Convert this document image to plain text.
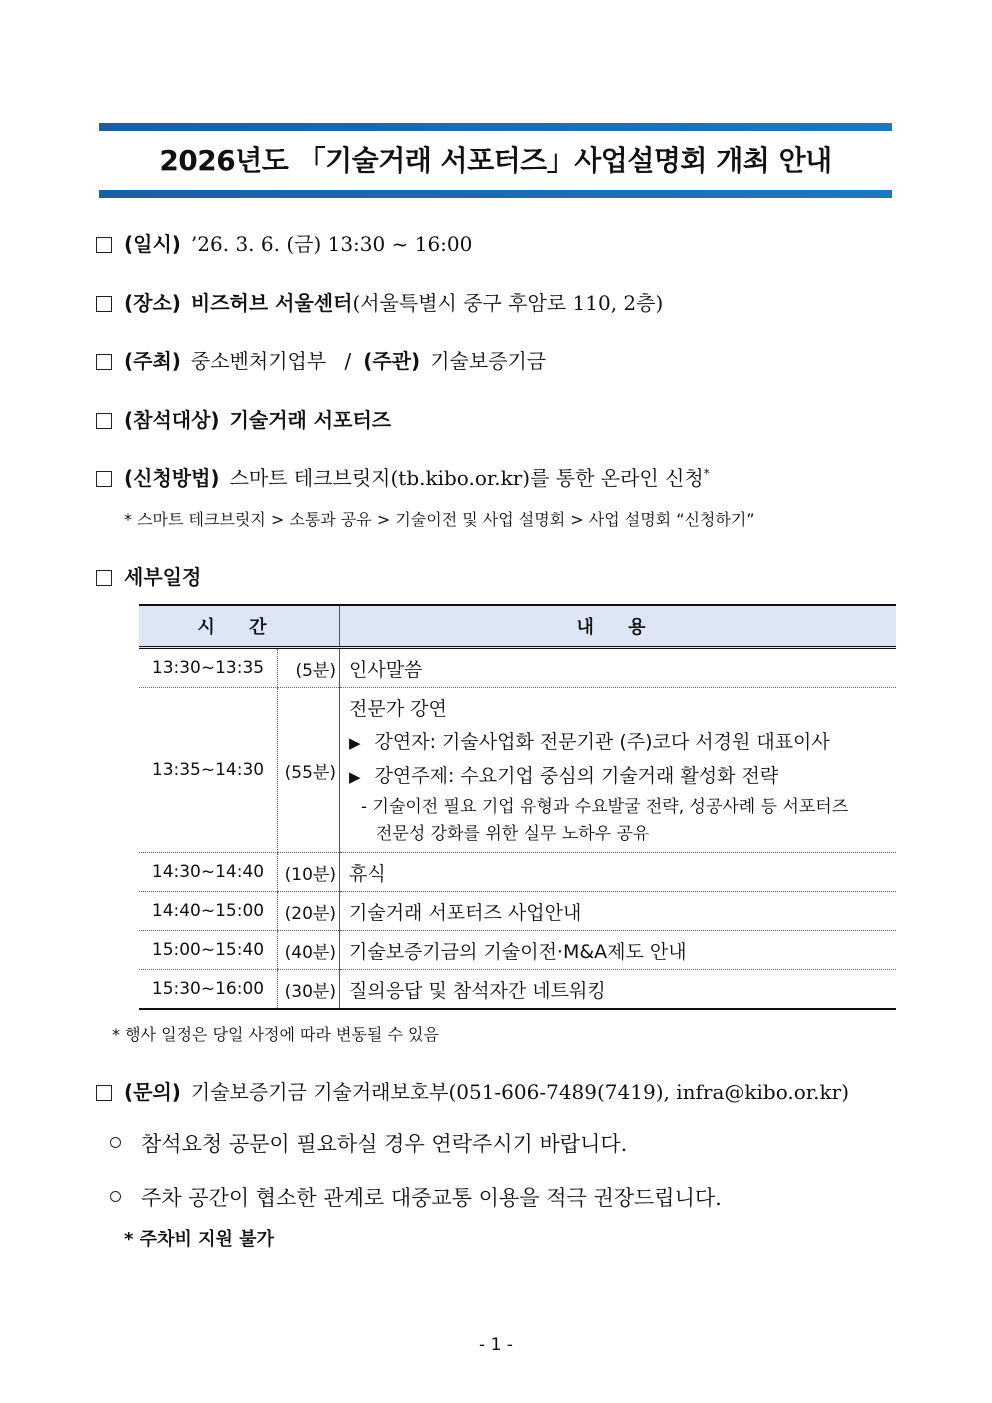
2026년도 「기술거래 서포터즈」사업설명회 개최 안내
(일시) ’26. 3. 6. (금) 13:30 ~ 16:00
(장소) 비즈허브 서울센터(서울특별시 중구 후암로 110, 2층)
(주최) 중소벤처기업부 / (주관) 기술보증기금
(참석대상) 기술거래 서포터즈
(신청방법) 스마트 테크브릿지(tb.kibo.or.kr)를 통한 온라인 신청*
* 스마트 테크브릿지 > 소통과 공유 > 기술이전 및 사업 설명회 > 사업 설명회 “신청하기”
세부일정
시 간		내 용
13:30~13:35	(5분)	인사말씀
13:35~14:30	(55분)	전문가 강연
▶ 강연자: 기술사업화 전문기관 (주)코다 서경원 대표이사
▶ 강연주제: 수요기업 중심의 기술거래 활성화 전략
- 기술이전 필요 기업 유형과 수요발굴 전략, 성공사례 등 서포터즈
전문성 강화를 위한 실무 노하우 공유

14:30~14:40	(10분)	휴식
14:40~15:00	(20분)	기술거래 서포터즈 사업안내
15:00~15:40	(40분)	기술보증기금의 기술이전·M&A제도 안내
15:30~16:00	(30분)	질의응답 및 참석자간 네트워킹
* 행사 일정은 당일 사정에 따라 변동될 수 있음
(문의) 기술보증기금 기술거래보호부(051-606-7489(7419), infra@kibo.or.kr)
참석요청 공문이 필요하실 경우 연락주시기 바랍니다.
주차 공간이 협소한 관계로 대중교통 이용을 적극 권장드립니다.
* 주차비 지원 불가
- 1 -
